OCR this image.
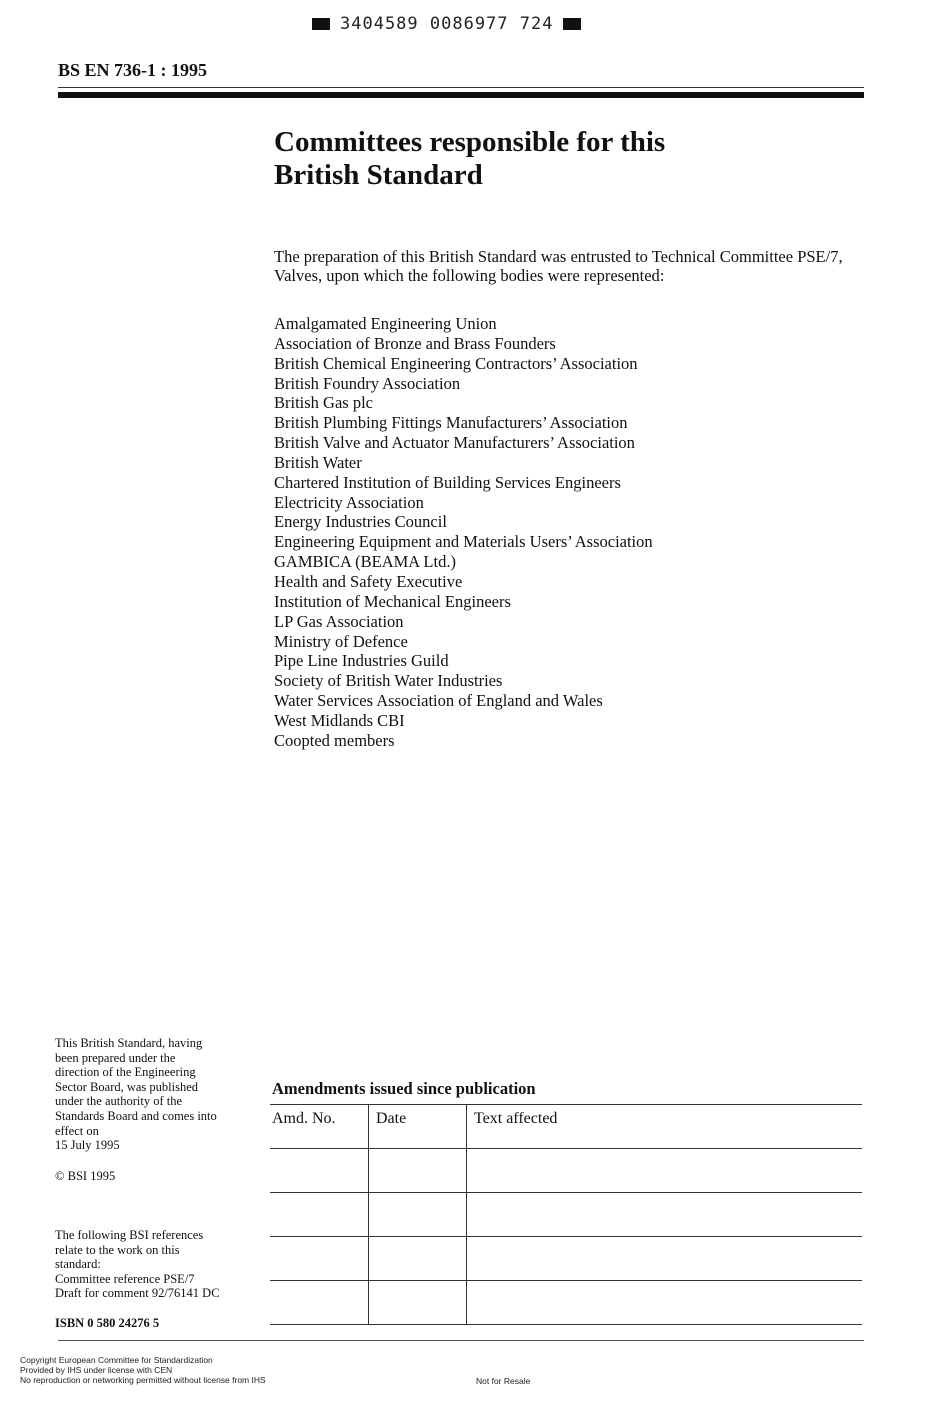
3404589 0086977 724
BS EN 736-1 : 1995
Committees responsible for this
British Standard
The preparation of this British Standard was entrusted to Technical Committee PSE/7, Valves, upon which the following bodies were represented:
Amalgamated Engineering Union
Association of Bronze and Brass Founders
British Chemical Engineering Contractors’ Association
British Foundry Association
British Gas plc
British Plumbing Fittings Manufacturers’ Association
British Valve and Actuator Manufacturers’ Association
British Water
Chartered Institution of Building Services Engineers
Electricity Association
Energy Industries Council
Engineering Equipment and Materials Users’ Association
GAMBICA (BEAMA Ltd.)
Health and Safety Executive
Institution of Mechanical Engineers
LP Gas Association
Ministry of Defence
Pipe Line Industries Guild
Society of British Water Industries
Water Services Association of England and Wales
West Midlands CBI
Coopted members
This British Standard, having
been prepared under the
direction of the Engineering
Sector Board, was published
under the authority of the
Standards Board and comes into
effect on
15 July 1995
© BSI 1995
The following BSI references
relate to the work on this
standard:
Committee reference PSE/7
Draft for comment 92/76141 DC
ISBN 0 580 24276 5
Amendments issued since publication
Amd. No.	Date	Text affected
Copyright European Committee for Standardization
Provided by IHS under license with CEN
No reproduction or networking permitted without license from IHS	Not for Resale
